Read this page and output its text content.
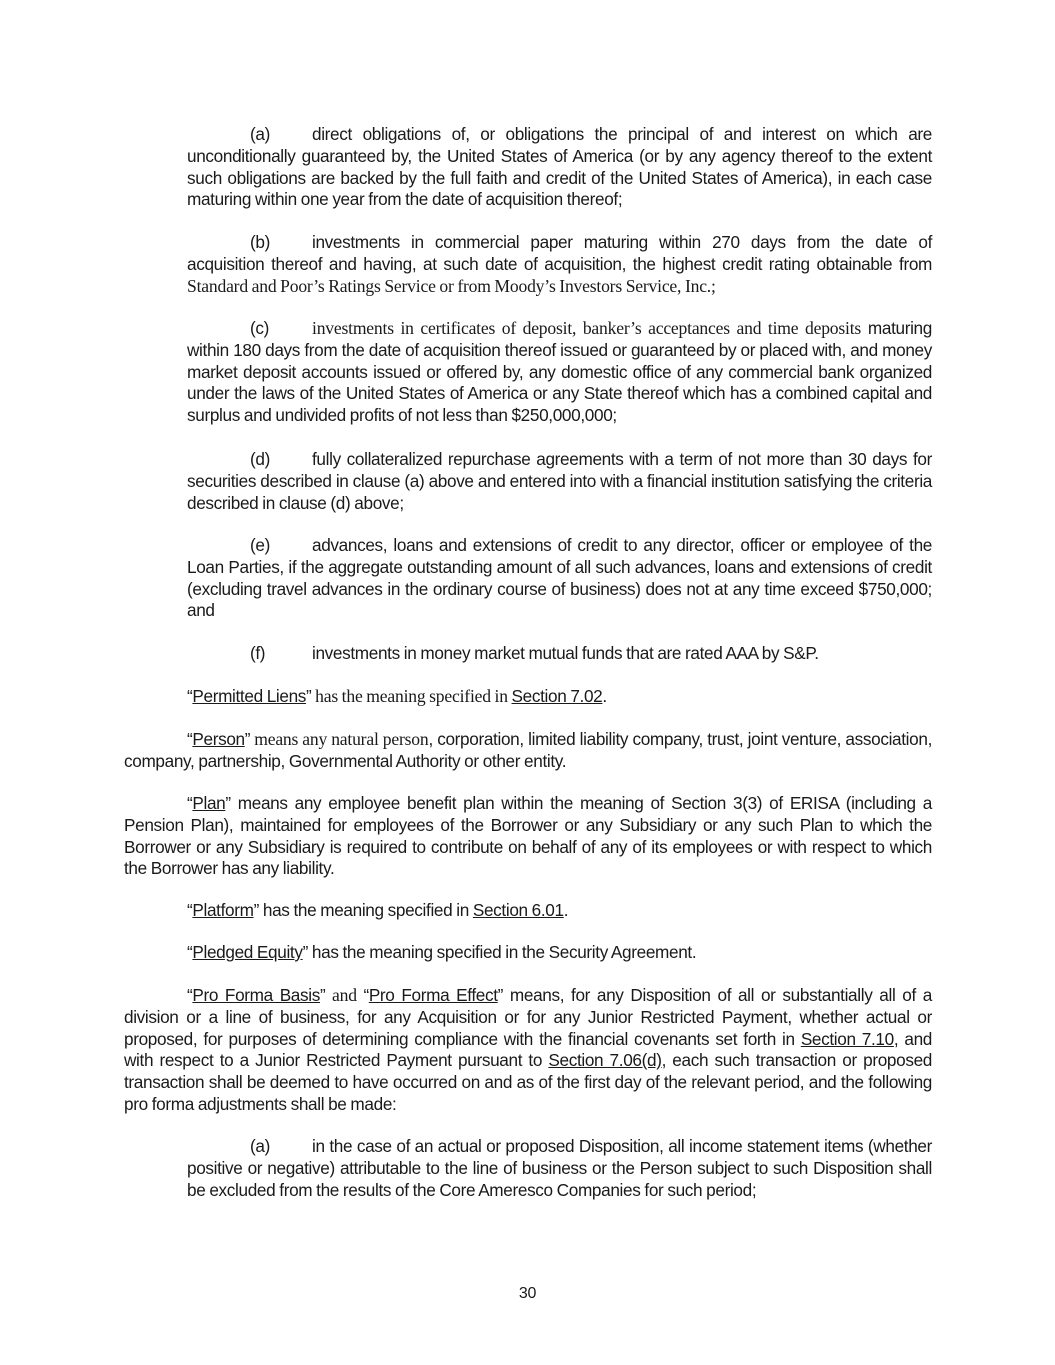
(a) direct obligations of, or obligations the principal of and interest on which are unconditionally guaranteed by, the United States of America (or by any agency thereof to the extent such obligations are backed by the full faith and credit of the United States of America), in each case maturing within one year from the date of acquisition thereof;
(b) investments in commercial paper maturing within 270 days from the date of acquisition thereof and having, at such date of acquisition, the highest credit rating obtainable from Standard and Poor’s Ratings Service or from Moody’s Investors Service, Inc.;
(c) investments in certificates of deposit, banker’s acceptances and time deposits maturing within 180 days from the date of acquisition thereof issued or guaranteed by or placed with, and money market deposit accounts issued or offered by, any domestic office of any commercial bank organized under the laws of the United States of America or any State thereof which has a combined capital and surplus and undivided profits of not less than $250,000,000;
(d) fully collateralized repurchase agreements with a term of not more than 30 days for securities described in clause (a) above and entered into with a financial institution satisfying the criteria described in clause (d) above;
(e) advances, loans and extensions of credit to any director, officer or employee of the Loan Parties, if the aggregate outstanding amount of all such advances, loans and extensions of credit (excluding travel advances in the ordinary course of business) does not at any time exceed $750,000; and
(f)	investments in money market mutual funds that are rated AAA by S&P.
“Permitted Liens” has the meaning specified in Section 7.02.
“Person” means any natural person, corporation, limited liability company, trust, joint venture, association, company, partnership, Governmental Authority or other entity.
“Plan” means any employee benefit plan within the meaning of Section 3(3) of ERISA (including a Pension Plan), maintained for employees of the Borrower or any Subsidiary or any such Plan to which the Borrower or any Subsidiary is required to contribute on behalf of any of its employees or with respect to which the Borrower has any liability.
“Platform” has the meaning specified in Section 6.01.
“Pledged Equity” has the meaning specified in the Security Agreement.
“Pro Forma Basis” and “Pro Forma Effect” means, for any Disposition of all or substantially all of a division or a line of business, for any Acquisition or for any Junior Restricted Payment, whether actual or proposed, for purposes of determining compliance with the financial covenants set forth in Section 7.10, and with respect to a Junior Restricted Payment pursuant to Section 7.06(d), each such transaction or proposed transaction shall be deemed to have occurred on and as of the first day of the relevant period, and the following pro forma adjustments shall be made:
(a) in the case of an actual or proposed Disposition, all income statement items (whether positive or negative) attributable to the line of business or the Person subject to such Disposition shall be excluded from the results of the Core Ameresco Companies for such period;
30
